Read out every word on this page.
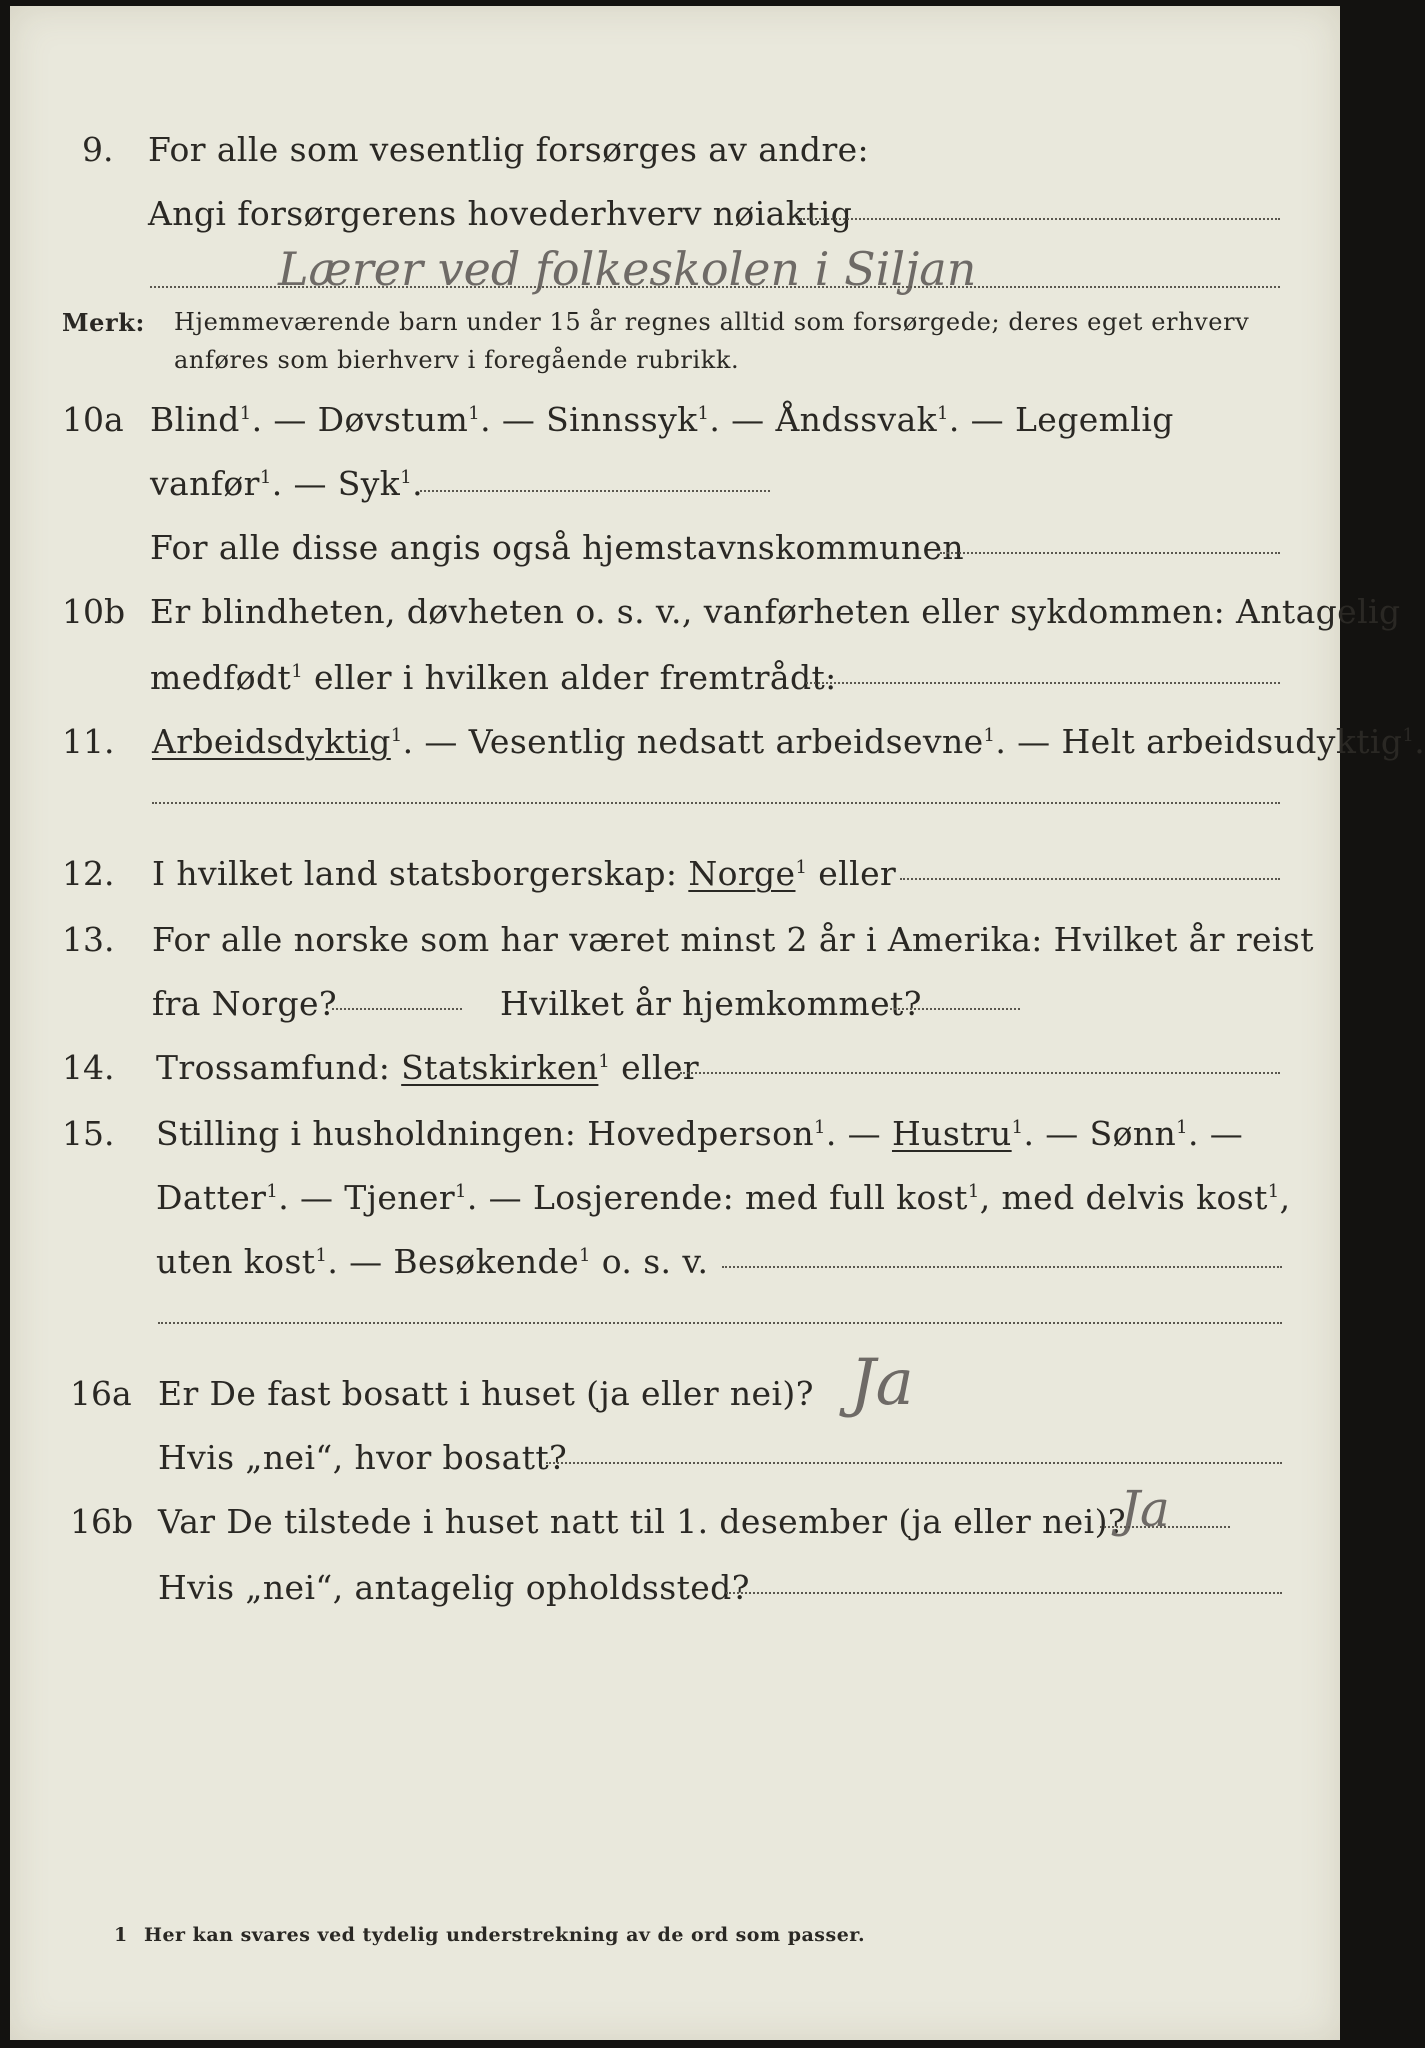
9. For alle som vesentlig forsørges av andre:
Angi forsørgerens hovederhverv nøiaktig
Lærer ved folkeskolen i Siljan
Merk: Hjemmeværende barn under 15 år regnes alltid som forsørgede; deres eget erhverv
anføres som bierhverv i foregående rubrikk.
10a Blind$^1$. — Døvstum$^1$. — Sinnssyk$^1$. — Åndssvak$^1$. — Legemlig
vanfør$^1$. — Syk$^1$.
For alle disse angis også hjemstavnskommunen
10b Er blindheten, døvheten o. s. v., vanførheten eller sykdommen: Antagelig
medfødt$^1$ eller i hvilken alder fremtrådt:
11. Arbeidsdyktig$^1$. — Vesentlig nedsatt arbeidsevne$^1$. — Helt arbeidsudyktig$^1$.
12. I hvilket land statsborgerskap: Norge$^1$ eller
13. For alle norske som har været minst 2 år i Amerika: Hvilket år reist
fra Norge?	Hvilket år hjemkommet?
14. Trossamfund: Statskirken$^1$ eller
15. Stilling i husholdningen: Hovedperson$^1$. — Hustru$^1$. — Sønn$^1$. —
Datter$^1$. — Tjener$^1$. — Losjerende: med full kost$^1$, med delvis kost$^1$,
uten kost$^1$. — Besøkende$^1$ o. s. v.
16a Er De fast bosatt i huset (ja eller nei)? Ja
Hvis „nei“, hvor bosatt?
16b Var De tilstede i huset natt til 1. desember (ja eller nei)?
Ja
Hvis „nei“, antagelig opholdssted?
1 Her kan svares ved tydelig understrekning av de ord som passer.
